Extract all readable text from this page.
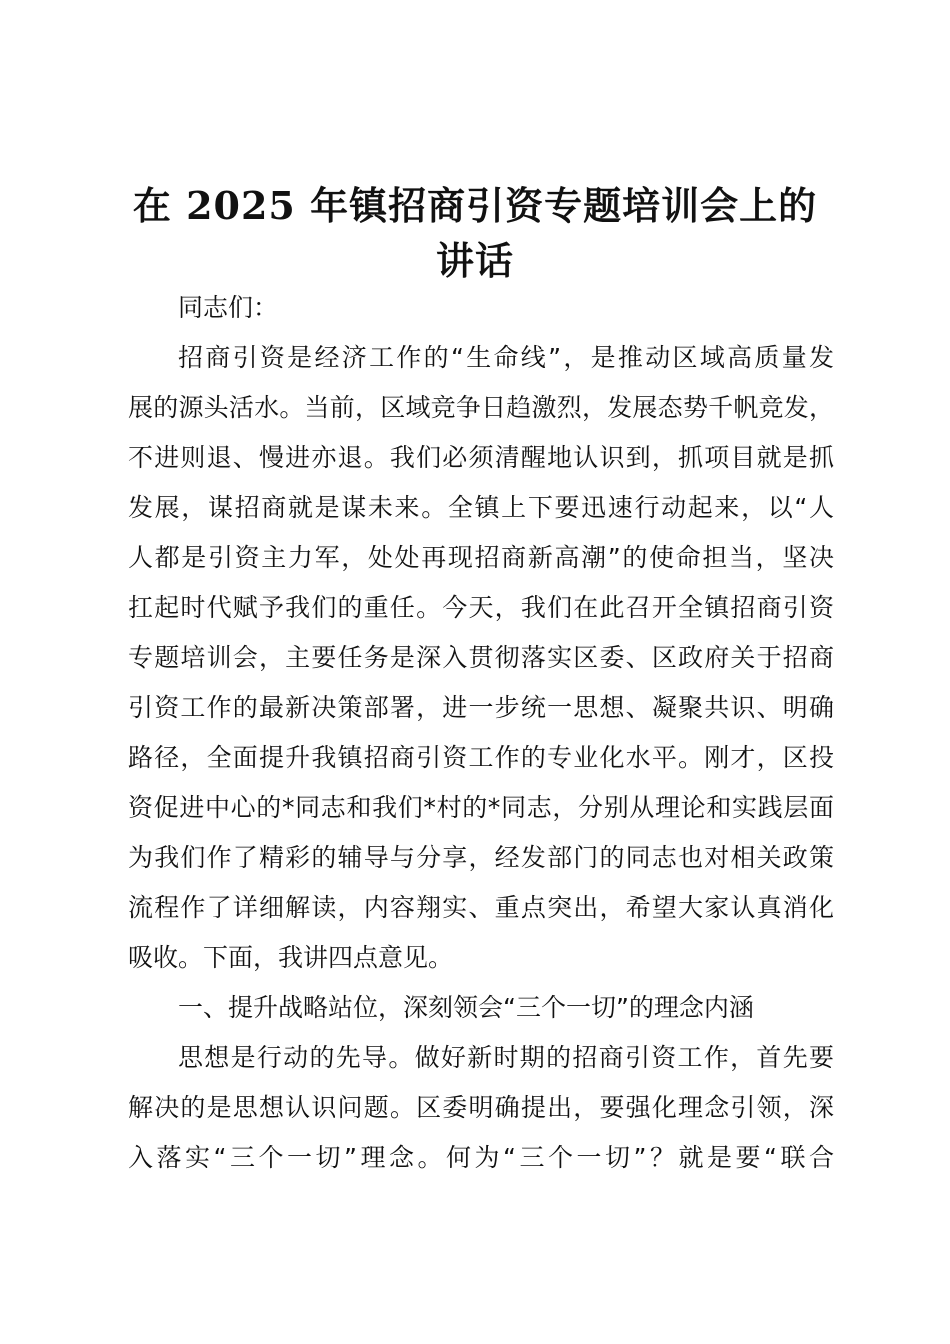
在 2025 年镇招商引资专题培训会上的
讲话
同志们：
招商引资是经济工作的“生命线”，是推动区域高质量发
展的源头活水。当前，区域竞争日趋激烈，发展态势千帆竞发，
不进则退、慢进亦退。我们必须清醒地认识到，抓项目就是抓
发展，谋招商就是谋未来。全镇上下要迅速行动起来，以“人
人都是引资主力军，处处再现招商新高潮”的使命担当，坚决
扛起时代赋予我们的重任。今天，我们在此召开全镇招商引资
专题培训会，主要任务是深入贯彻落实区委、区政府关于招商
引资工作的最新决策部署，进一步统一思想、凝聚共识、明确
路径，全面提升我镇招商引资工作的专业化水平。刚才，区投
资促进中心的*同志和我们*村的*同志，分别从理论和实践层面
为我们作了精彩的辅导与分享，经发部门的同志也对相关政策
流程作了详细解读，内容翔实、重点突出，希望大家认真消化
吸收。下面，我讲四点意见。
一、提升战略站位，深刻领会“三个一切”的理念内涵
思想是行动的先导。做好新时期的招商引资工作，首先要
解决的是思想认识问题。区委明确提出，要强化理念引领，深
入落实“三个一切”理念。何为“三个一切”？就是要“联合
